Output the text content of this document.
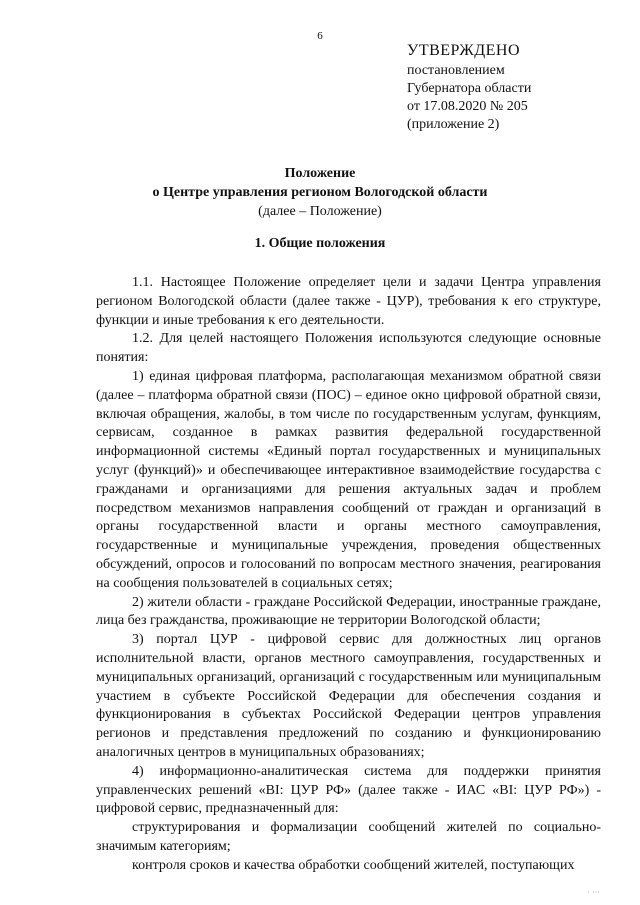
6
УТВЕРЖДЕНО
постановлением
Губернатора области
от 17.08.2020 № 205
(приложение 2)
Положение
о Центре управления регионом Вологодской области
(далее – Положение)
1. Общие положения

1.1. Настоящее Положение определяет цели и задачи Центра управления регионом Вологодской области (далее также - ЦУР), требования к его структуре, функции и иные требования к его деятельности.

1.2. Для целей настоящего Положения используются следующие основные понятия:

1) единая цифровая платформа, располагающая механизмом обратной связи (далее – платформа обратной связи (ПОС) – единое окно цифровой обратной связи, включая обращения, жалобы, в том числе по государственным услугам, функциям, сервисам, созданное в рамках развития федеральной государственной информационной системы «Единый портал государственных и муниципальных услуг (функций)» и обеспечивающее интерактивное взаимодействие государства с гражданами и организациями для решения актуальных задач и проблем посредством механизмов направления сообщений от граждан и организаций в органы государственной власти и органы местного самоуправления, государственные и муниципальные учреждения, проведения общественных обсуждений, опросов и голосований по вопросам местного значения, реагирования на сообщения пользователей в социальных сетях;

2) жители области - граждане Российской Федерации, иностранные граждане, лица без гражданства, проживающие не территории Вологодской области;

3) портал ЦУР - цифровой сервис для должностных лиц органов исполнительной власти, органов местного самоуправления, государственных и муниципальных организаций, организаций с государственным или муниципальным участием в субъекте Российской Федерации для обеспечения создания и функционирования в субъектах Российской Федерации центров управления регионов и представления предложений по созданию и функционированию аналогичных центров в муниципальных образованиях;

4) информационно-аналитическая система для поддержки принятия управленческих решений «BI: ЦУР РФ» (далее также - ИАС «BI: ЦУР РФ») - цифровой сервис, предназначенный для:

структурирования и формализации сообщений жителей по социально-значимым категориям;

контроля сроков и качества обработки сообщений жителей, поступающих

· ···
